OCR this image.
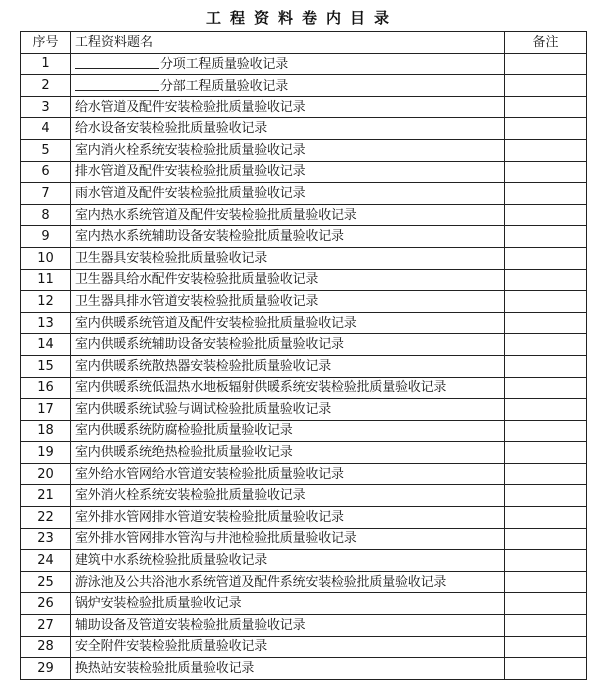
工程资料卷内目录
序号	工程资料题名	备注
1	分项工程质量验收记录	
2	分部工程质量验收记录	
3	给水管道及配件安装检验批质量验收记录	
4	给水设备安装检验批质量验收记录	
5	室内消火栓系统安装检验批质量验收记录	
6	排水管道及配件安装检验批质量验收记录	
7	雨水管道及配件安装检验批质量验收记录	
8	室内热水系统管道及配件安装检验批质量验收记录	
9	室内热水系统辅助设备安装检验批质量验收记录	
10	卫生器具安装检验批质量验收记录	
11	卫生器具给水配件安装检验批质量验收记录	
12	卫生器具排水管道安装检验批质量验收记录	
13	室内供暖系统管道及配件安装检验批质量验收记录	
14	室内供暖系统辅助设备安装检验批质量验收记录	
15	室内供暖系统散热器安装检验批质量验收记录	
16	室内供暖系统低温热水地板辐射供暖系统安装检验批质量验收记录	
17	室内供暖系统试验与调试检验批质量验收记录	
18	室内供暖系统防腐检验批质量验收记录	
19	室内供暖系统绝热检验批质量验收记录	
20	室外给水管网给水管道安装检验批质量验收记录	
21	室外消火栓系统安装检验批质量验收记录	
22	室外排水管网排水管道安装检验批质量验收记录	
23	室外排水管网排水管沟与井池检验批质量验收记录	
24	建筑中水系统检验批质量验收记录	
25	游泳池及公共浴池水系统管道及配件系统安装检验批质量验收记录	
26	锅炉安装检验批质量验收记录	
27	辅助设备及管道安装检验批质量验收记录	
28	安全附件安装检验批质量验收记录	
29	换热站安装检验批质量验收记录	
